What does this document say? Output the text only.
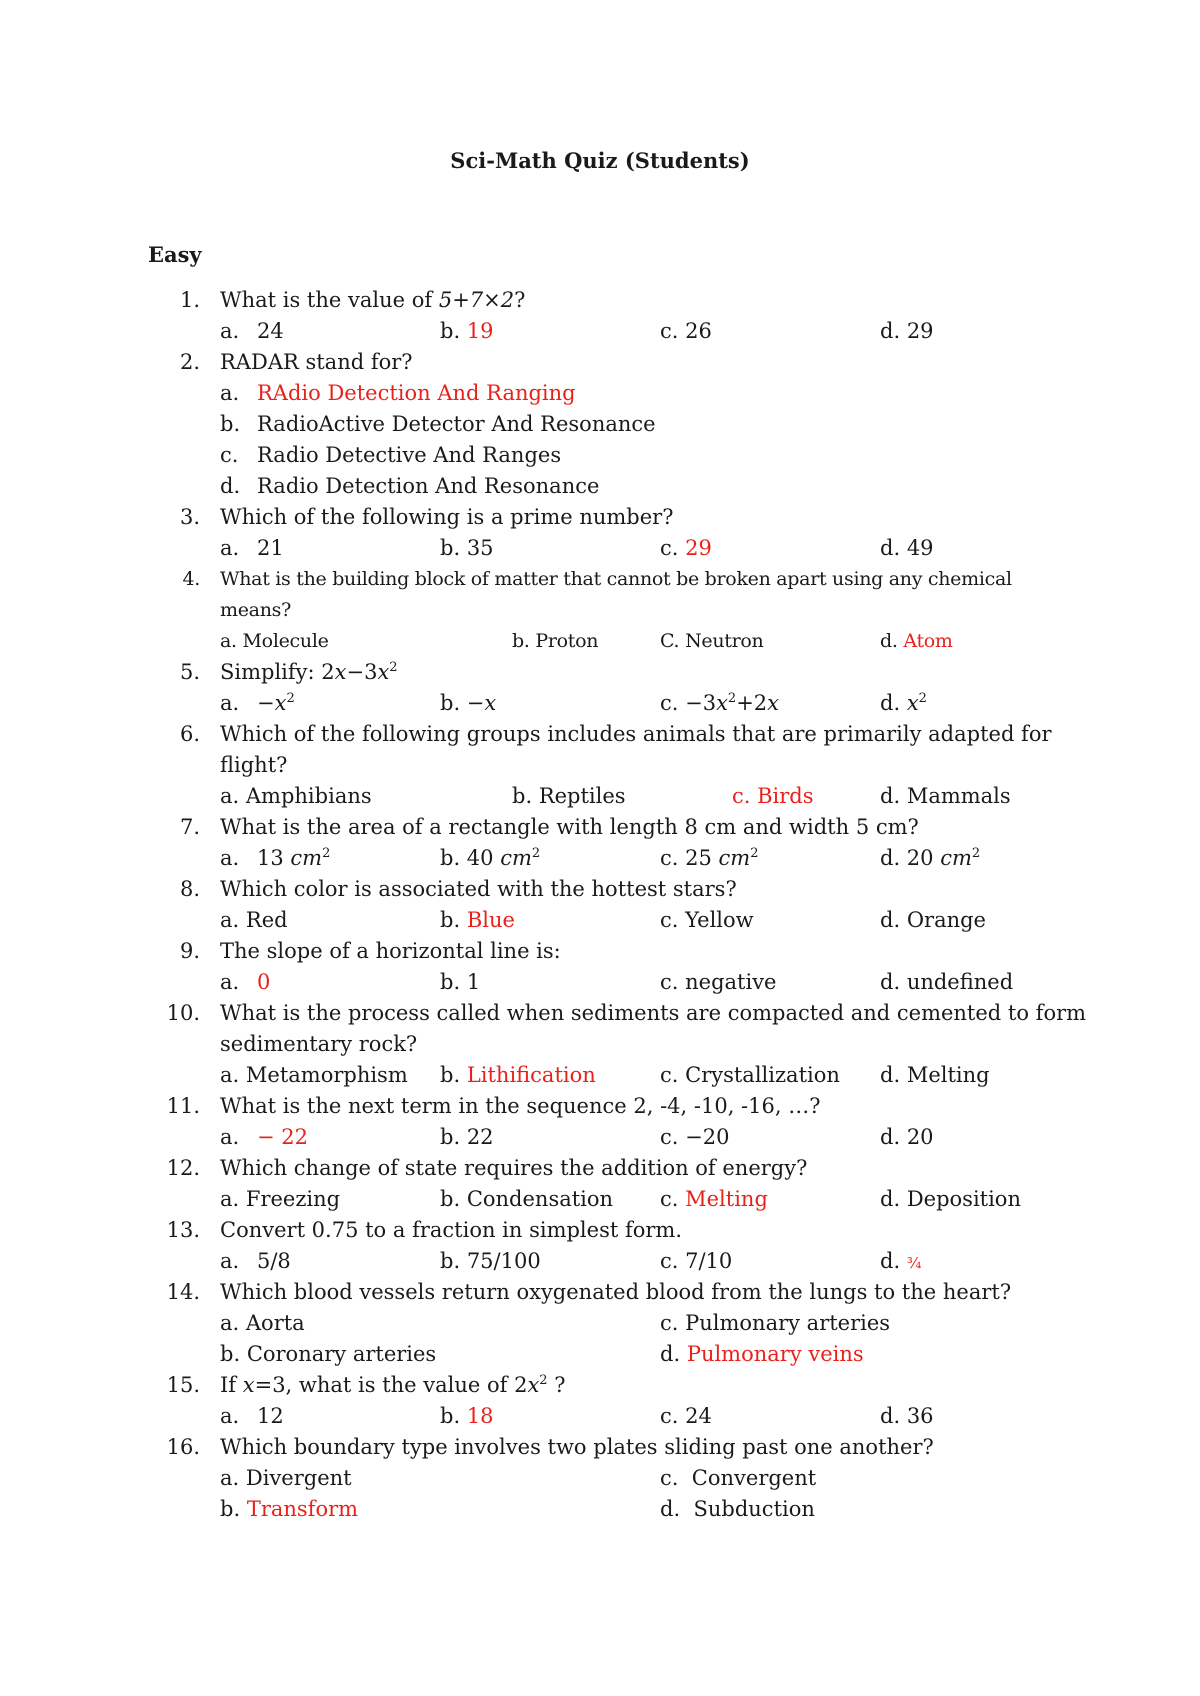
Sci-Math Quiz (Students)
Easy
1. What is the value of 5+7×2?
a. 24	b. 19	c. 26	d. 29
2. RADAR stand for?
a. RAdio Detection And Ranging
b. RadioActive Detector And Resonance
c. Radio Detective And Ranges
d. Radio Detection And Resonance
3. Which of the following is a prime number?
a. 21	b. 35	c. 29	d. 49
4. What is the building block of matter that cannot be broken apart using any chemical
means?
a. Molecule	b. Proton	C. Neutron	d. Atom
5. Simplify: $2x-3x^2$
a. $-x^2$	b. −x	c. $-3x^2+2x$	d. $x^2$
6. Which of the following groups includes animals that are primarily adapted for
flight?
a. Amphibians	b. Reptiles	c. Birds	d. Mammals
7. What is the area of a rectangle with length 8 cm and width 5 cm?
a. 13 $cm^2$	b. 40 $cm^2$	c. 25 $cm^2$	d. 20 $cm^2$
8. Which color is associated with the hottest stars?
a. Red	b. Blue	c. Yellow	d. Orange
9. The slope of a horizontal line is:
a. 0	b. 1	c. negative	d. undefined
10. What is the process called when sediments are compacted and cemented to form
sedimentary rock?
a. Metamorphism b. Lithification	c. Crystallization d. Melting
11. What is the next term in the sequence 2, -4, -10, -16, …?
a. − 22	b. 22	c. −20	d. 20
12. Which change of state requires the addition of energy?
a. Freezing	b. Condensation c. Melting	d. Deposition
13. Convert 0.75 to a fraction in simplest form.
a. 5/8	b. 75/100	c. 7/10	d. ¾
14. Which blood vessels return oxygenated blood from the lungs to the heart?
a. Aorta	c. Pulmonary arteries
b. Coronary arteries	d. Pulmonary veins
15. If x=3, what is the value of $2x^2$ ?
a. 12	b. 18	c. 24	d. 36
16. Which boundary type involves two plates sliding past one another?
a. Divergent	c. Convergent
b. Transform	d. Subduction
